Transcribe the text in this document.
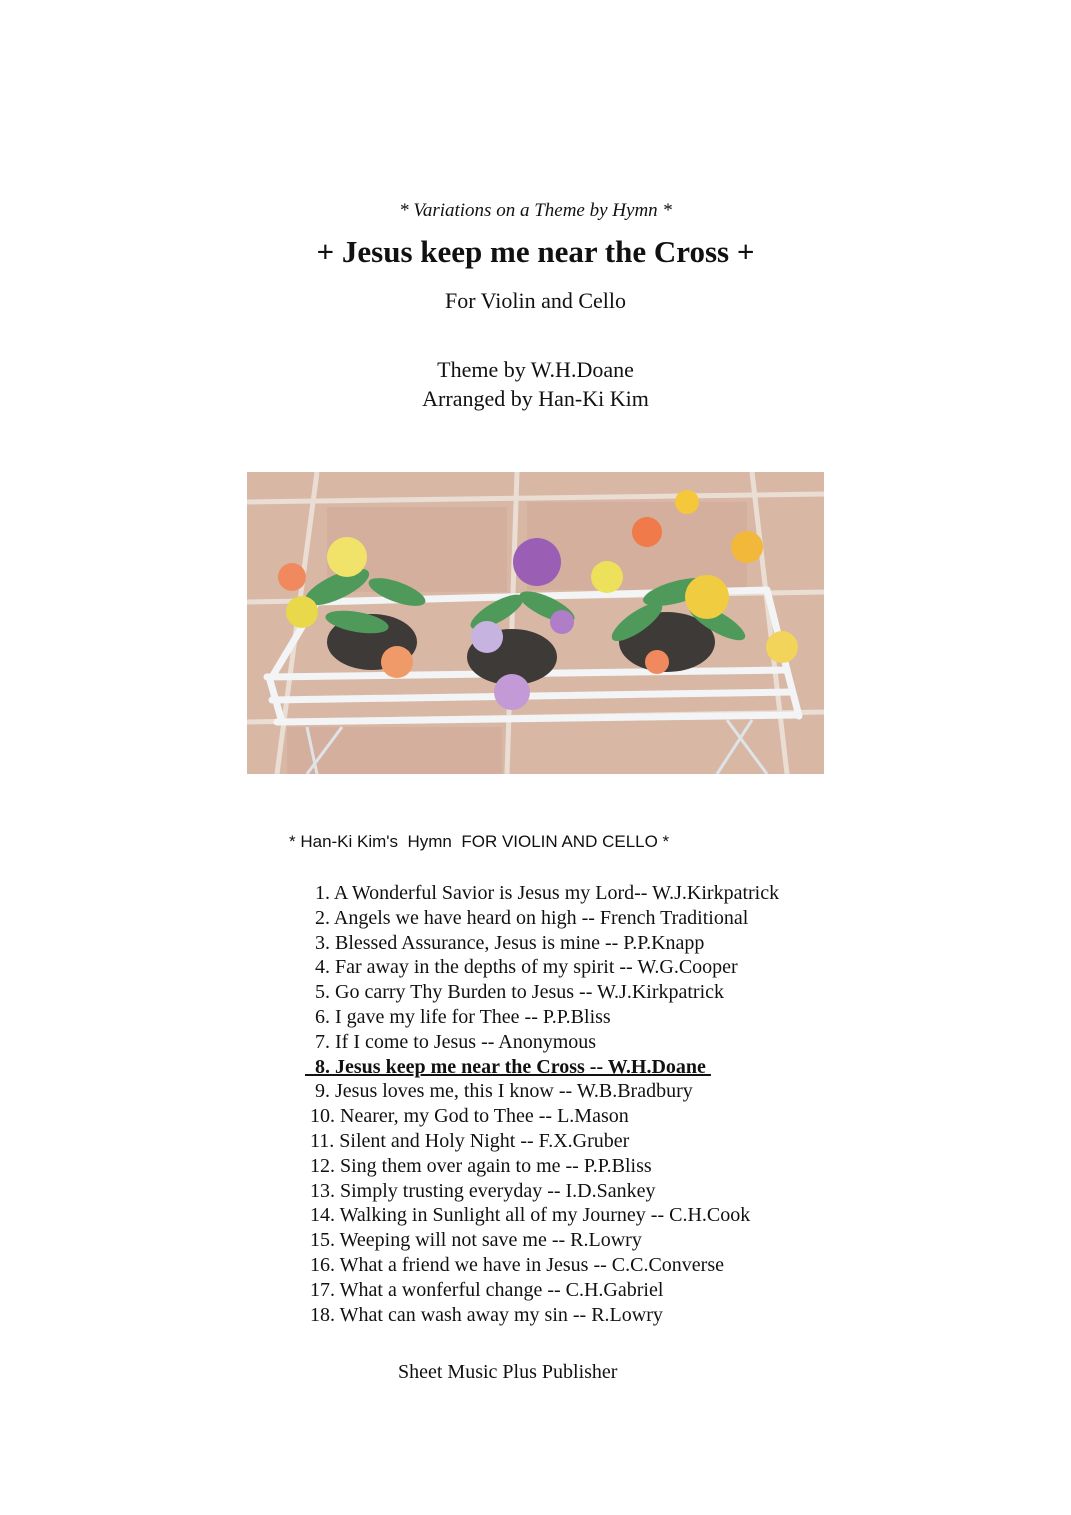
* Variations on a Theme by Hymn *
+ Jesus keep me near the Cross +
For Violin and Cello
Theme by W.H.Doane
Arranged by Han-Ki Kim
* Han-Ki Kim's  Hymn  FOR VIOLIN AND CELLO *
1. A Wonderful Savior is Jesus my Lord-- W.J.Kirkpatrick
2. Angels we have heard on high -- French Traditional
3. Blessed Assurance, Jesus is mine -- P.P.Knapp
4. Far away in the depths of my spirit -- W.G.Cooper
5. Go carry Thy Burden to Jesus -- W.J.Kirkpatrick
6. I gave my life for Thee -- P.P.Bliss
7. If I come to Jesus -- Anonymous
8. Jesus keep me near the Cross -- W.H.Doane
9. Jesus loves me, this I know -- W.B.Bradbury
10. Nearer, my God to Thee -- L.Mason
11. Silent and Holy Night -- F.X.Gruber
12. Sing them over again to me -- P.P.Bliss
13. Simply trusting everyday -- I.D.Sankey
14. Walking in Sunlight all of my Journey -- C.H.Cook
15. Weeping will not save me -- R.Lowry
16. What a friend we have in Jesus -- C.C.Converse
17. What a wonferful change -- C.H.Gabriel
18. What can wash away my sin -- R.Lowry
Sheet Music Plus Publisher
